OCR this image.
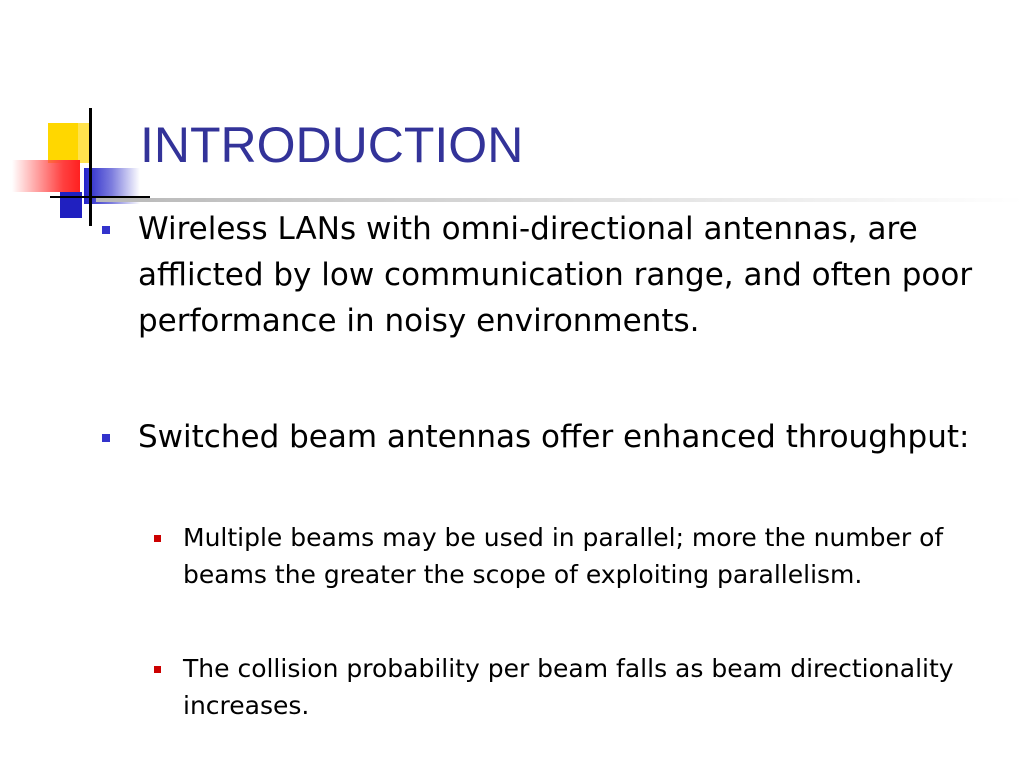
INTRODUCTION

Wireless LANs with omni-directional antennas, are afflicted by low communication range, and often poor performance in noisy environments.

Switched beam antennas offer enhanced throughput:

Multiple beams may be used in parallel; more the number of beams the greater the scope of exploiting parallelism.

The collision probability per beam falls as beam directionality increases.
